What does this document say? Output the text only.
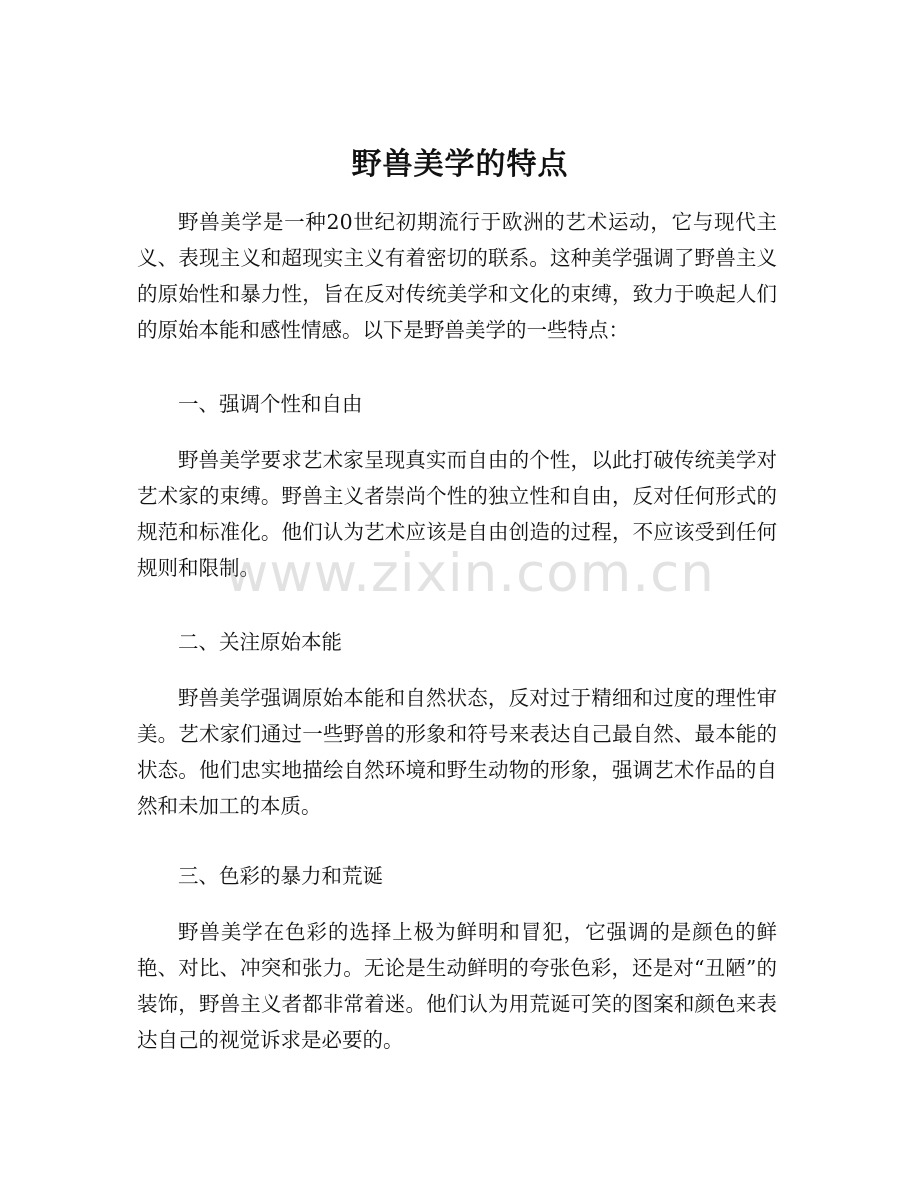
野兽美学的特点

野兽美学是一种20世纪初期流行于欧洲的艺术运动，它与现代主义、表现主义和超现实主义有着密切的联系。这种美学强调了野兽主义的原始性和暴力性，旨在反对传统美学和文化的束缚，致力于唤起人们的原始本能和感性情感。以下是野兽美学的一些特点：

一、强调个性和自由

野兽美学要求艺术家呈现真实而自由的个性，以此打破传统美学对艺术家的束缚。野兽主义者崇尚个性的独立性和自由，反对任何形式的规范和标准化。他们认为艺术应该是自由创造的过程，不应该受到任何规则和限制。

二、关注原始本能

野兽美学强调原始本能和自然状态，反对过于精细和过度的理性审美。艺术家们通过一些野兽的形象和符号来表达自己最自然、最本能的状态。他们忠实地描绘自然环境和野生动物的形象，强调艺术作品的自然和未加工的本质。

三、色彩的暴力和荒诞

野兽美学在色彩的选择上极为鲜明和冒犯，它强调的是颜色的鲜艳、对比、冲突和张力。无论是生动鲜明的夸张色彩，还是对“丑陋”的装饰，野兽主义者都非常着迷。他们认为用荒诞可笑的图案和颜色来表达自己的视觉诉求是必要的。

www.zixin.com.cn
